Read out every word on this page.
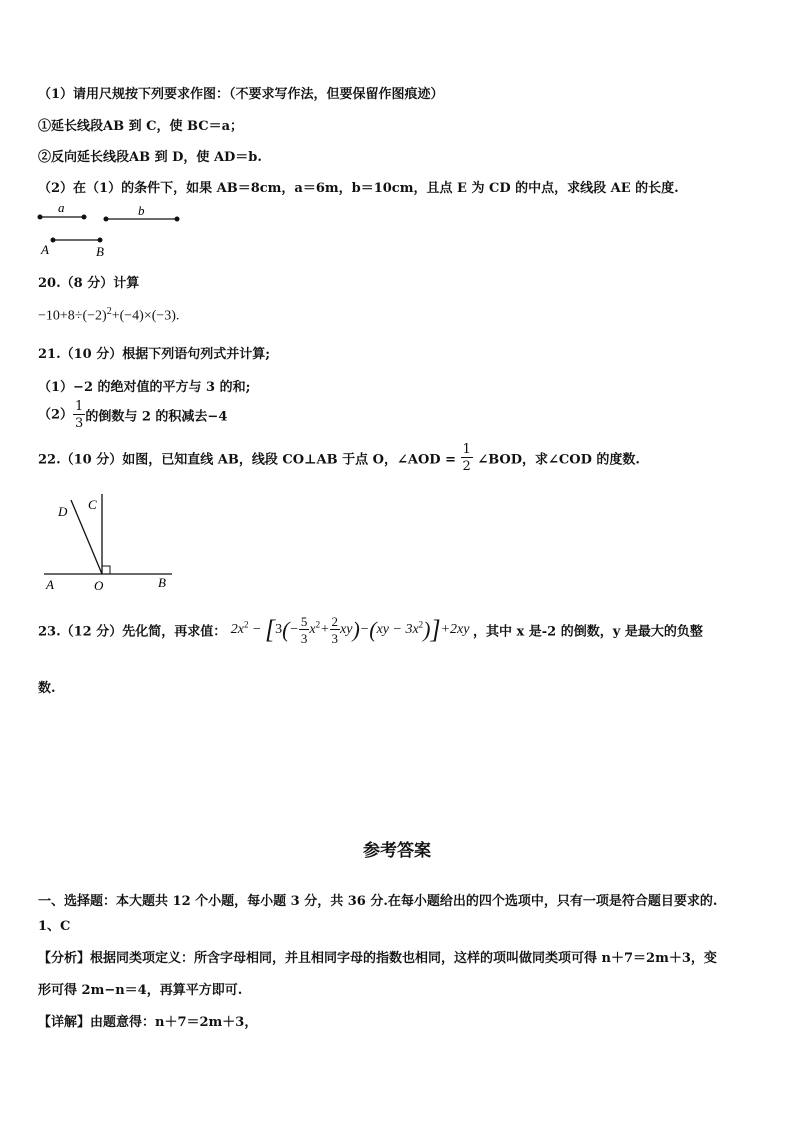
（1）请用尺规按下列要求作图：（不要求写作法，但要保留作图痕迹）
①延长线段AB 到 C，使 BC＝a；
②反向延长线段AB 到 D，使 AD＝b.
（2）在（1）的条件下，如果 AB＝8cm，a＝6m，b＝10cm，且点 E 为 CD 的中点，求线段 AE 的长度.
a	b
A	B
20.（8 分）计算
$-10+8\div(-2)^2+(-4)\times(-3)$.
21.（10 分）根据下列语句列式并计算;
（1）−2 的绝对值的平方与 3 的和;
$(2) \frac{1}{3}$ 的倒数与 2 的积减去−4
22.（10 分）如图，已知直线 AB，线段 CO⊥AB 于点 O，∠AOD = $\frac{1}{2}$ ∠BOD，求∠COD 的度数.
D C
A	O	B
23.（12 分）先化简，再求值： $2x^2 - [3(- \frac{5}{3} x^2+ \frac{2}{3} xy)-(xy - 3x^2)]+2xy$ ，其中 x 是-2 的倒数，y 是最大的负整
数.
参考答案
一、选择题：本大题共 12 个小题，每小题 3 分，共 36 分.在每小题给出的四个选项中，只有一项是符合题目要求的.
1、C
【分析】根据同类项定义：所含字母相同，并且相同字母的指数也相同，这样的项叫做同类项可得 n＋7＝2m＋3，变
形可得 2m−n＝4，再算平方即可.
【详解】由题意得：n＋7＝2m＋3，
